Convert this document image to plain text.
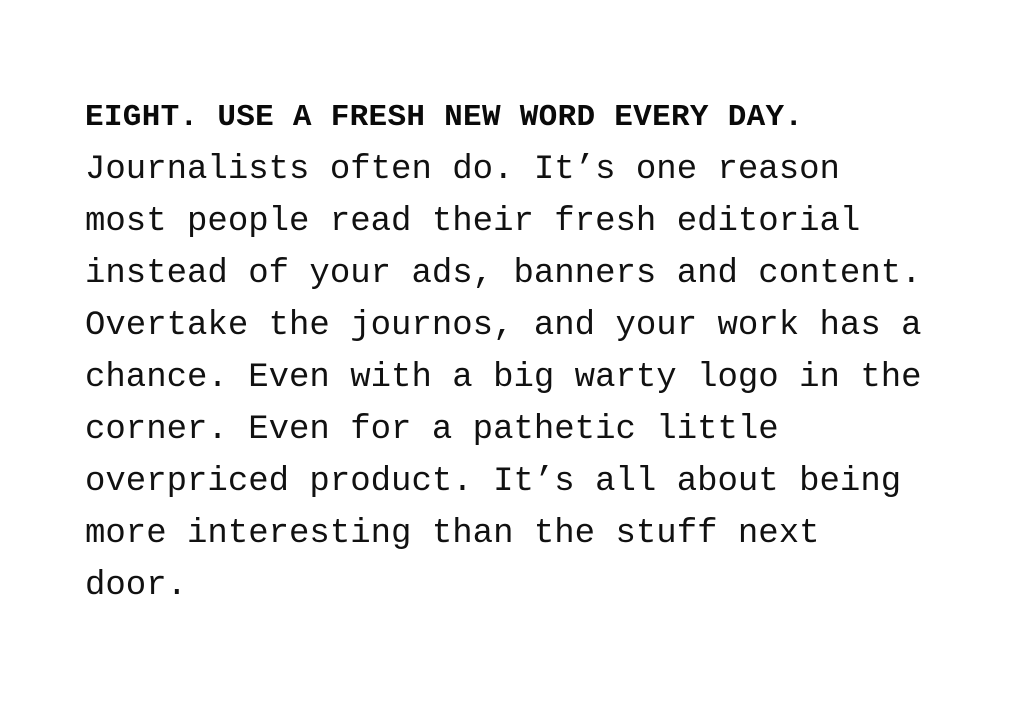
EIGHT. USE A FRESH NEW WORD EVERY DAY.
Journalists often do. It’s one reason
most people read their fresh editorial
instead of your ads, banners and content.
Overtake the journos, and your work has a
chance. Even with a big warty logo in the
corner. Even for a pathetic little
overpriced product. It’s all about being
more interesting than the stuff next
door.
